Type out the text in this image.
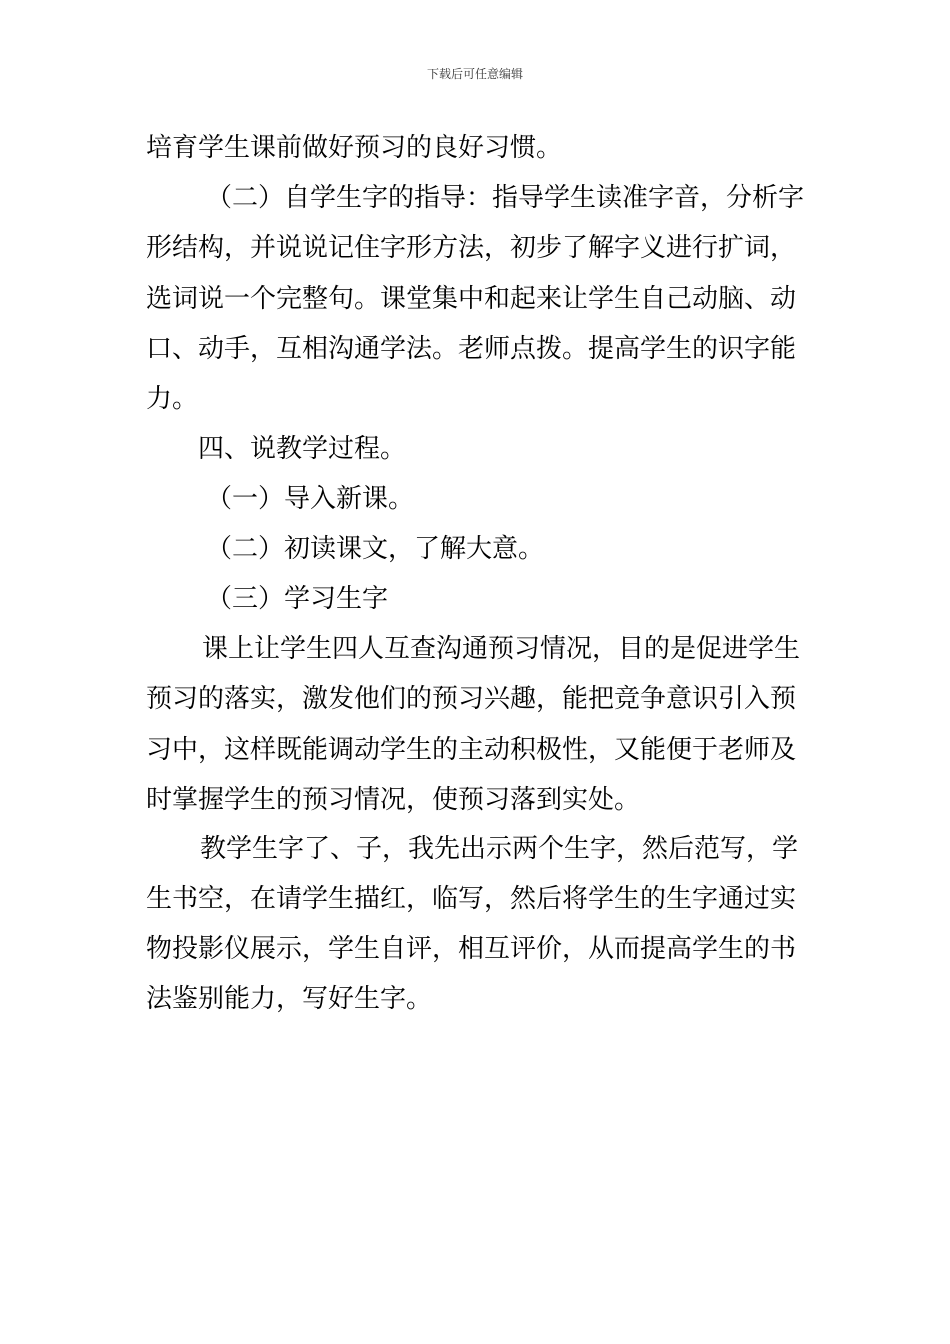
下载后可任意编辑
培育学生课前做好预习的良好习惯。
（二）自学生字的指导：指导学生读准字音，分析字
形结构，并说说记住字形方法，初步了解字义进行扩词，
选词说一个完整句。课堂集中和起来让学生自己动脑、动
口、动手，互相沟通学法。老师点拨。提高学生的识字能
力。
四、说教学过程。
（一）导入新课。
（二）初读课文，了解大意。
（三）学习生字
课上让学生四人互查沟通预习情况，目的是促进学生
预习的落实，激发他们的预习兴趣，能把竞争意识引入预
习中，这样既能调动学生的主动积极性，又能便于老师及
时掌握学生的预习情况，使预习落到实处。
教学生字了、子，我先出示两个生字，然后范写，学
生书空，在请学生描红，临写，然后将学生的生字通过实
物投影仪展示，学生自评，相互评价，从而提高学生的书
法鉴别能力，写好生字。
